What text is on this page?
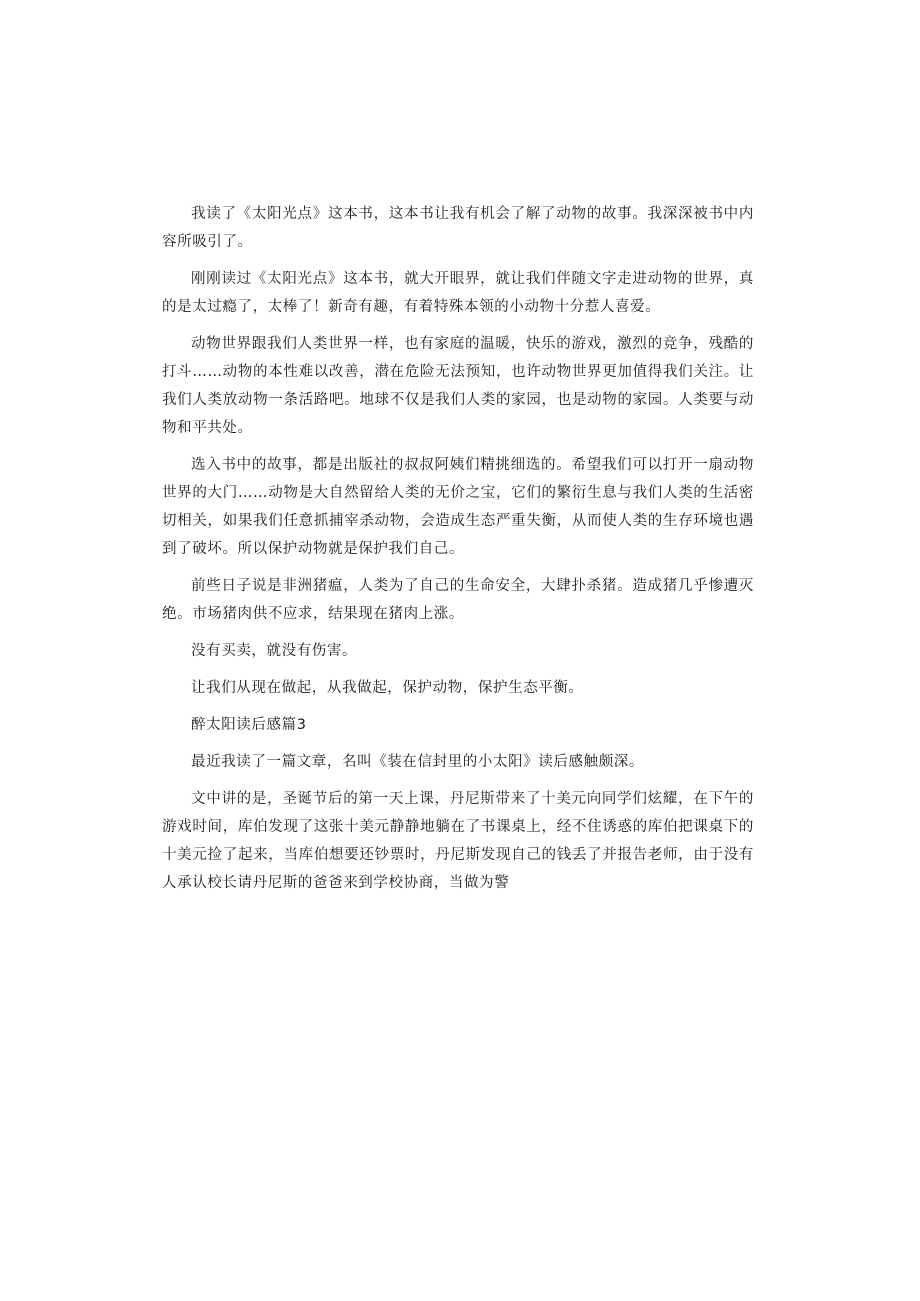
我读了《太阳光点》这本书，这本书让我有机会了解了动物的故事。我深深被书中内容所吸引了。

刚刚读过《太阳光点》这本书，就大开眼界，就让我们伴随文字走进动物的世界，真的是太过瘾了，太棒了！新奇有趣，有着特殊本领的小动物十分惹人喜爱。

动物世界跟我们人类世界一样，也有家庭的温暖，快乐的游戏，激烈的竞争，残酷的打斗……动物的本性难以改善，潜在危险无法预知，也许动物世界更加值得我们关注。让我们人类放动物一条活路吧。地球不仅是我们人类的家园，也是动物的家园。人类要与动物和平共处。

选入书中的故事，都是出版社的叔叔阿姨们精挑细选的。希望我们可以打开一扇动物世界的大门……动物是大自然留给人类的无价之宝，它们的繁衍生息与我们人类的生活密切相关，如果我们任意抓捕宰杀动物，会造成生态严重失衡，从而使人类的生存环境也遇到了破坏。所以保护动物就是保护我们自己。

前些日子说是非洲猪瘟，人类为了自己的生命安全，大肆扑杀猪。造成猪几乎惨遭灭绝。市场猪肉供不应求，结果现在猪肉上涨。

没有买卖，就没有伤害。

让我们从现在做起，从我做起，保护动物，保护生态平衡。

醉太阳读后感篇3

最近我读了一篇文章，名叫《装在信封里的小太阳》读后感触颇深。

文中讲的是，圣诞节后的第一天上课，丹尼斯带来了十美元向同学们炫耀，在下午的游戏时间，库伯发现了这张十美元静静地躺在了书课桌上，经不住诱惑的库伯把课桌下的十美元捡了起来，当库伯想要还钞票时，丹尼斯发现自己的钱丢了并报告老师，由于没有人承认校长请丹尼斯的爸爸来到学校协商，当做为警
